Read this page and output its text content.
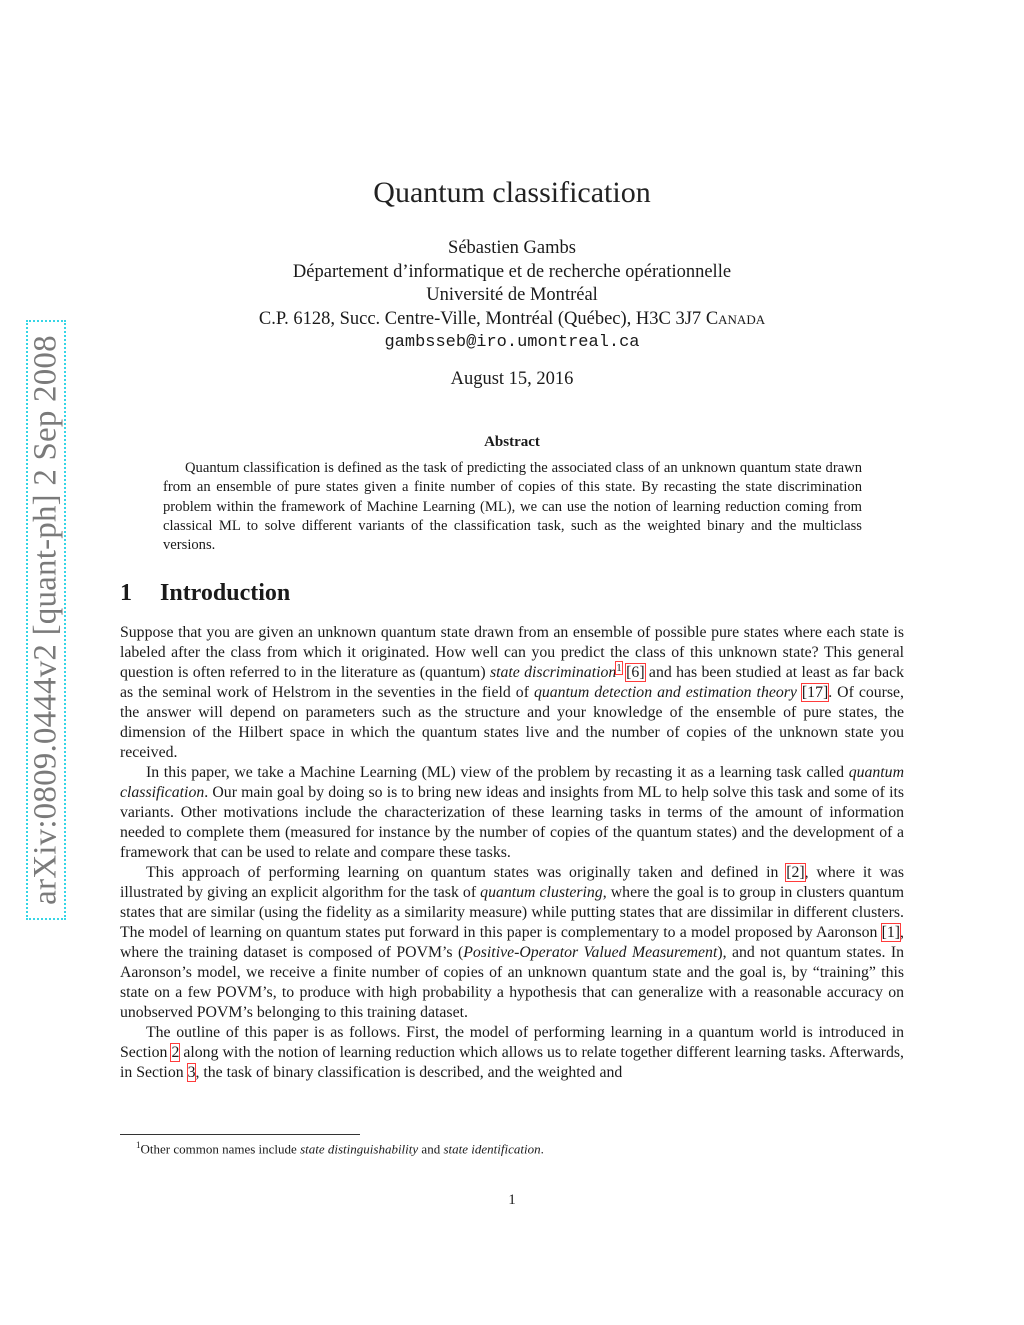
arXiv:0809.0444v2 [quant-ph] 2 Sep 2008
Quantum classification
Sébastien Gambs
Département d’informatique et de recherche opérationnelle
Université de Montréal
C.P. 6128, Succ. Centre-Ville, Montréal (Québec), H3C 3J7 Canada
gambsseb@iro.umontreal.ca
August 15, 2016
Abstract
Quantum classification is defined as the task of predicting the associated class of an unknown quantum state drawn from an ensemble of pure states given a finite number of copies of this state. By recasting the state discrimination problem within the framework of Machine Learning (ML), we can use the notion of learning reduction coming from classical ML to solve different variants of the classification task, such as the weighted binary and the multiclass versions.
1 Introduction

Suppose that you are given an unknown quantum state drawn from an ensemble of possible pure states where each state is labeled after the class from which it originated. How well can you predict the class of this unknown state? This general question is often referred to in the literature as (quantum) state discrimination$^1$ [6] and has been studied at least as far back as the seminal work of Helstrom in the seventies in the field of quantum detection and estimation theory [17]. Of course, the answer will depend on parameters such as the structure and your knowledge of the ensemble of pure states, the dimension of the Hilbert space in which the quantum states live and the number of copies of the unknown state you received.

In this paper, we take a Machine Learning (ML) view of the problem by recasting it as a learning task called quantum classification. Our main goal by doing so is to bring new ideas and insights from ML to help solve this task and some of its variants. Other motivations include the characterization of these learning tasks in terms of the amount of information needed to complete them (measured for instance by the number of copies of the quantum states) and the development of a framework that can be used to relate and compare these tasks.

This approach of performing learning on quantum states was originally taken and defined in [2], where it was illustrated by giving an explicit algorithm for the task of quantum clustering, where the goal is to group in clusters quantum states that are similar (using the fidelity as a similarity measure) while putting states that are dissimilar in different clusters. The model of learning on quantum states put forward in this paper is complementary to a model proposed by Aaronson [1], where the training dataset is composed of POVM’s (Positive-Operator Valued Measurement), and not quantum states. In Aaronson’s model, we receive a finite number of copies of an unknown quantum state and the goal is, by “training” this state on a few POVM’s, to produce with high probability a hypothesis that can generalize with a reasonable accuracy on unobserved POVM’s belonging to this training dataset.

The outline of this paper is as follows. First, the model of performing learning in a quantum world is introduced in Section 2 along with the notion of learning reduction which allows us to relate together different learning tasks. Afterwards, in Section 3, the task of binary classification is described, and the weighted and

$^1$Other common names include state distinguishability and state identification.
1
